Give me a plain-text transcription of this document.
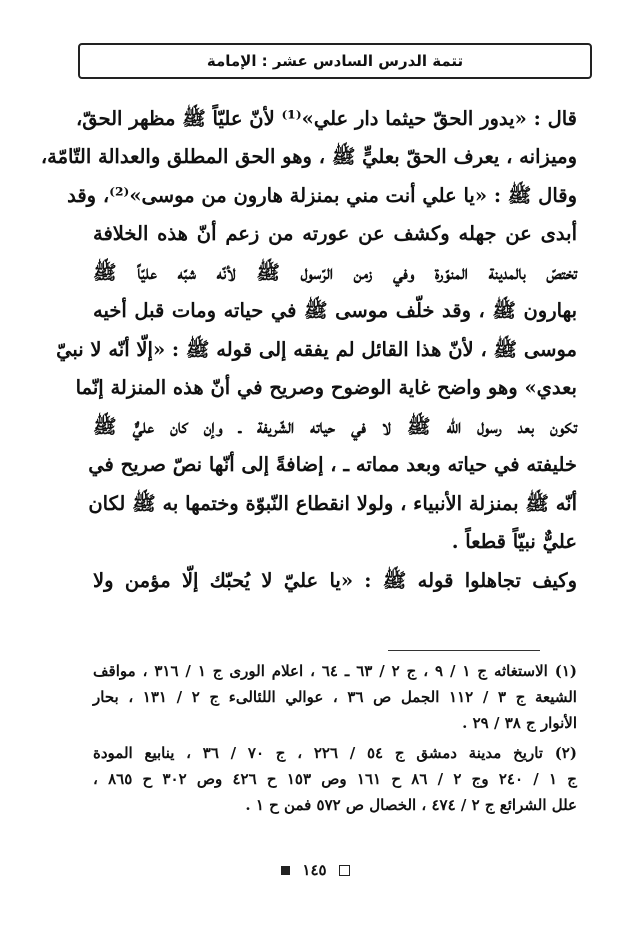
تتمة الدرس السادس عشر : الإمامة
قال : «يدور الحقّ حيثما دار علي»⁽¹⁾ لأنّ عليّاً ﷺ مظهر الحقّ،
وميزانه ، يعرف الحقّ بعليٍّ ﷺ ، وهو الحق المطلق والعدالة التّامّة،
وقال ﷺ : «يا علي أنت مني بمنزلة هارون من موسى»⁽²⁾، وقد
أبدى عن جهله وكشف عن عورته من زعم أنّ هذه الخلافة
تختصّ بالمدينة المنوّرة وفي زمن الرّسول ﷺ لأنّه شبّه عليّاً ﷺ
بهارون ﷺ ، وقد خلّف موسى ﷺ في حياته ومات قبل أخيه
موسى ﷺ ، لأنّ هذا القائل لم يفقه إلى قوله ﷺ : «إلّا أنّه لا نبيّ
بعدي» وهو واضح غاية الوضوح وصريح في أنّ هذه المنزلة إنّما
تكون بعد رسول الله ﷺ لا في حياته الشّريفة ـ وإن كان عليٌّ ﷺ
خليفته في حياته وبعد مماته ـ ، إضافةً إلى أنّها نصّ صريح في
أنّه ﷺ بمنزلة الأنبياء ، ولولا انقطاع النّبوّة وختمها به ﷺ لكان
عليٌّ نبيّاً قطعاً .
وكيف تجاهلوا قوله ﷺ : «يا عليّ لا يُحبّك إلّا مؤمن ولا
(١) الاستغاثه ج ١ / ٩ ، ج ٢ / ٦٣ ـ ٦٤ ، اعلام الورى ج ١ / ٣١٦ ، مواقف
الشيعة ج ٣ / ١١٢ الجمل ص ٣٦ ، عوالي اللئالىء ج ٢ / ١٣١ ، بحار
الأنوار ج ٣٨ / ٢٩ .
(٢) تاريخ مدينة دمشق ج ٥٤ / ٢٢٦ ، ج ٧٠ / ٣٦ ، ينابيع المودة
ج ١ / ٢٤٠ وج ٢ / ٨٦ ح ١٦١ وص ١٥٣ ح ٤٢٦ وص ٣٠٢ ح ٨٦٥ ،
علل الشرائع ج ٢ / ٤٧٤ ، الخصال ص ٥٧٢ فمن ح ١ .
١٤٥
